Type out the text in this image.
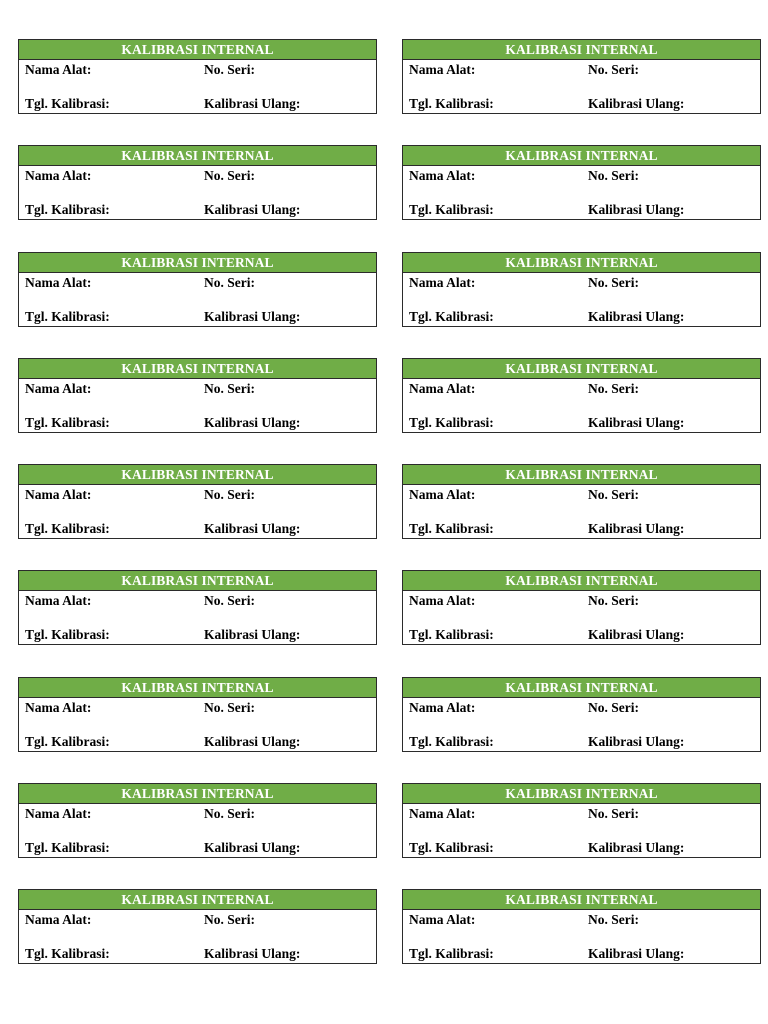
KALIBRASI INTERNAL
Nama Alat:	No. Seri:
Tgl. Kalibrasi:	Kalibrasi Ulang:
KALIBRASI INTERNAL
Nama Alat:	No. Seri:
Tgl. Kalibrasi:	Kalibrasi Ulang:
KALIBRASI INTERNAL
Nama Alat:	No. Seri:
Tgl. Kalibrasi:	Kalibrasi Ulang:
KALIBRASI INTERNAL
Nama Alat:	No. Seri:
Tgl. Kalibrasi:	Kalibrasi Ulang:
KALIBRASI INTERNAL
Nama Alat:	No. Seri:
Tgl. Kalibrasi:	Kalibrasi Ulang:
KALIBRASI INTERNAL
Nama Alat:	No. Seri:
Tgl. Kalibrasi:	Kalibrasi Ulang:
KALIBRASI INTERNAL
Nama Alat:	No. Seri:
Tgl. Kalibrasi:	Kalibrasi Ulang:
KALIBRASI INTERNAL
Nama Alat:	No. Seri:
Tgl. Kalibrasi:	Kalibrasi Ulang:
KALIBRASI INTERNAL
Nama Alat:	No. Seri:
Tgl. Kalibrasi:	Kalibrasi Ulang:
KALIBRASI INTERNAL
Nama Alat:	No. Seri:
Tgl. Kalibrasi:	Kalibrasi Ulang:
KALIBRASI INTERNAL
Nama Alat:	No. Seri:
Tgl. Kalibrasi:	Kalibrasi Ulang:
KALIBRASI INTERNAL
Nama Alat:	No. Seri:
Tgl. Kalibrasi:	Kalibrasi Ulang:
KALIBRASI INTERNAL
Nama Alat:	No. Seri:
Tgl. Kalibrasi:	Kalibrasi Ulang:
KALIBRASI INTERNAL
Nama Alat:	No. Seri:
Tgl. Kalibrasi:	Kalibrasi Ulang:
KALIBRASI INTERNAL
Nama Alat:	No. Seri:
Tgl. Kalibrasi:	Kalibrasi Ulang:
KALIBRASI INTERNAL
Nama Alat:	No. Seri:
Tgl. Kalibrasi:	Kalibrasi Ulang:
KALIBRASI INTERNAL
Nama Alat:	No. Seri:
Tgl. Kalibrasi:	Kalibrasi Ulang:
KALIBRASI INTERNAL
Nama Alat:	No. Seri:
Tgl. Kalibrasi:	Kalibrasi Ulang:
